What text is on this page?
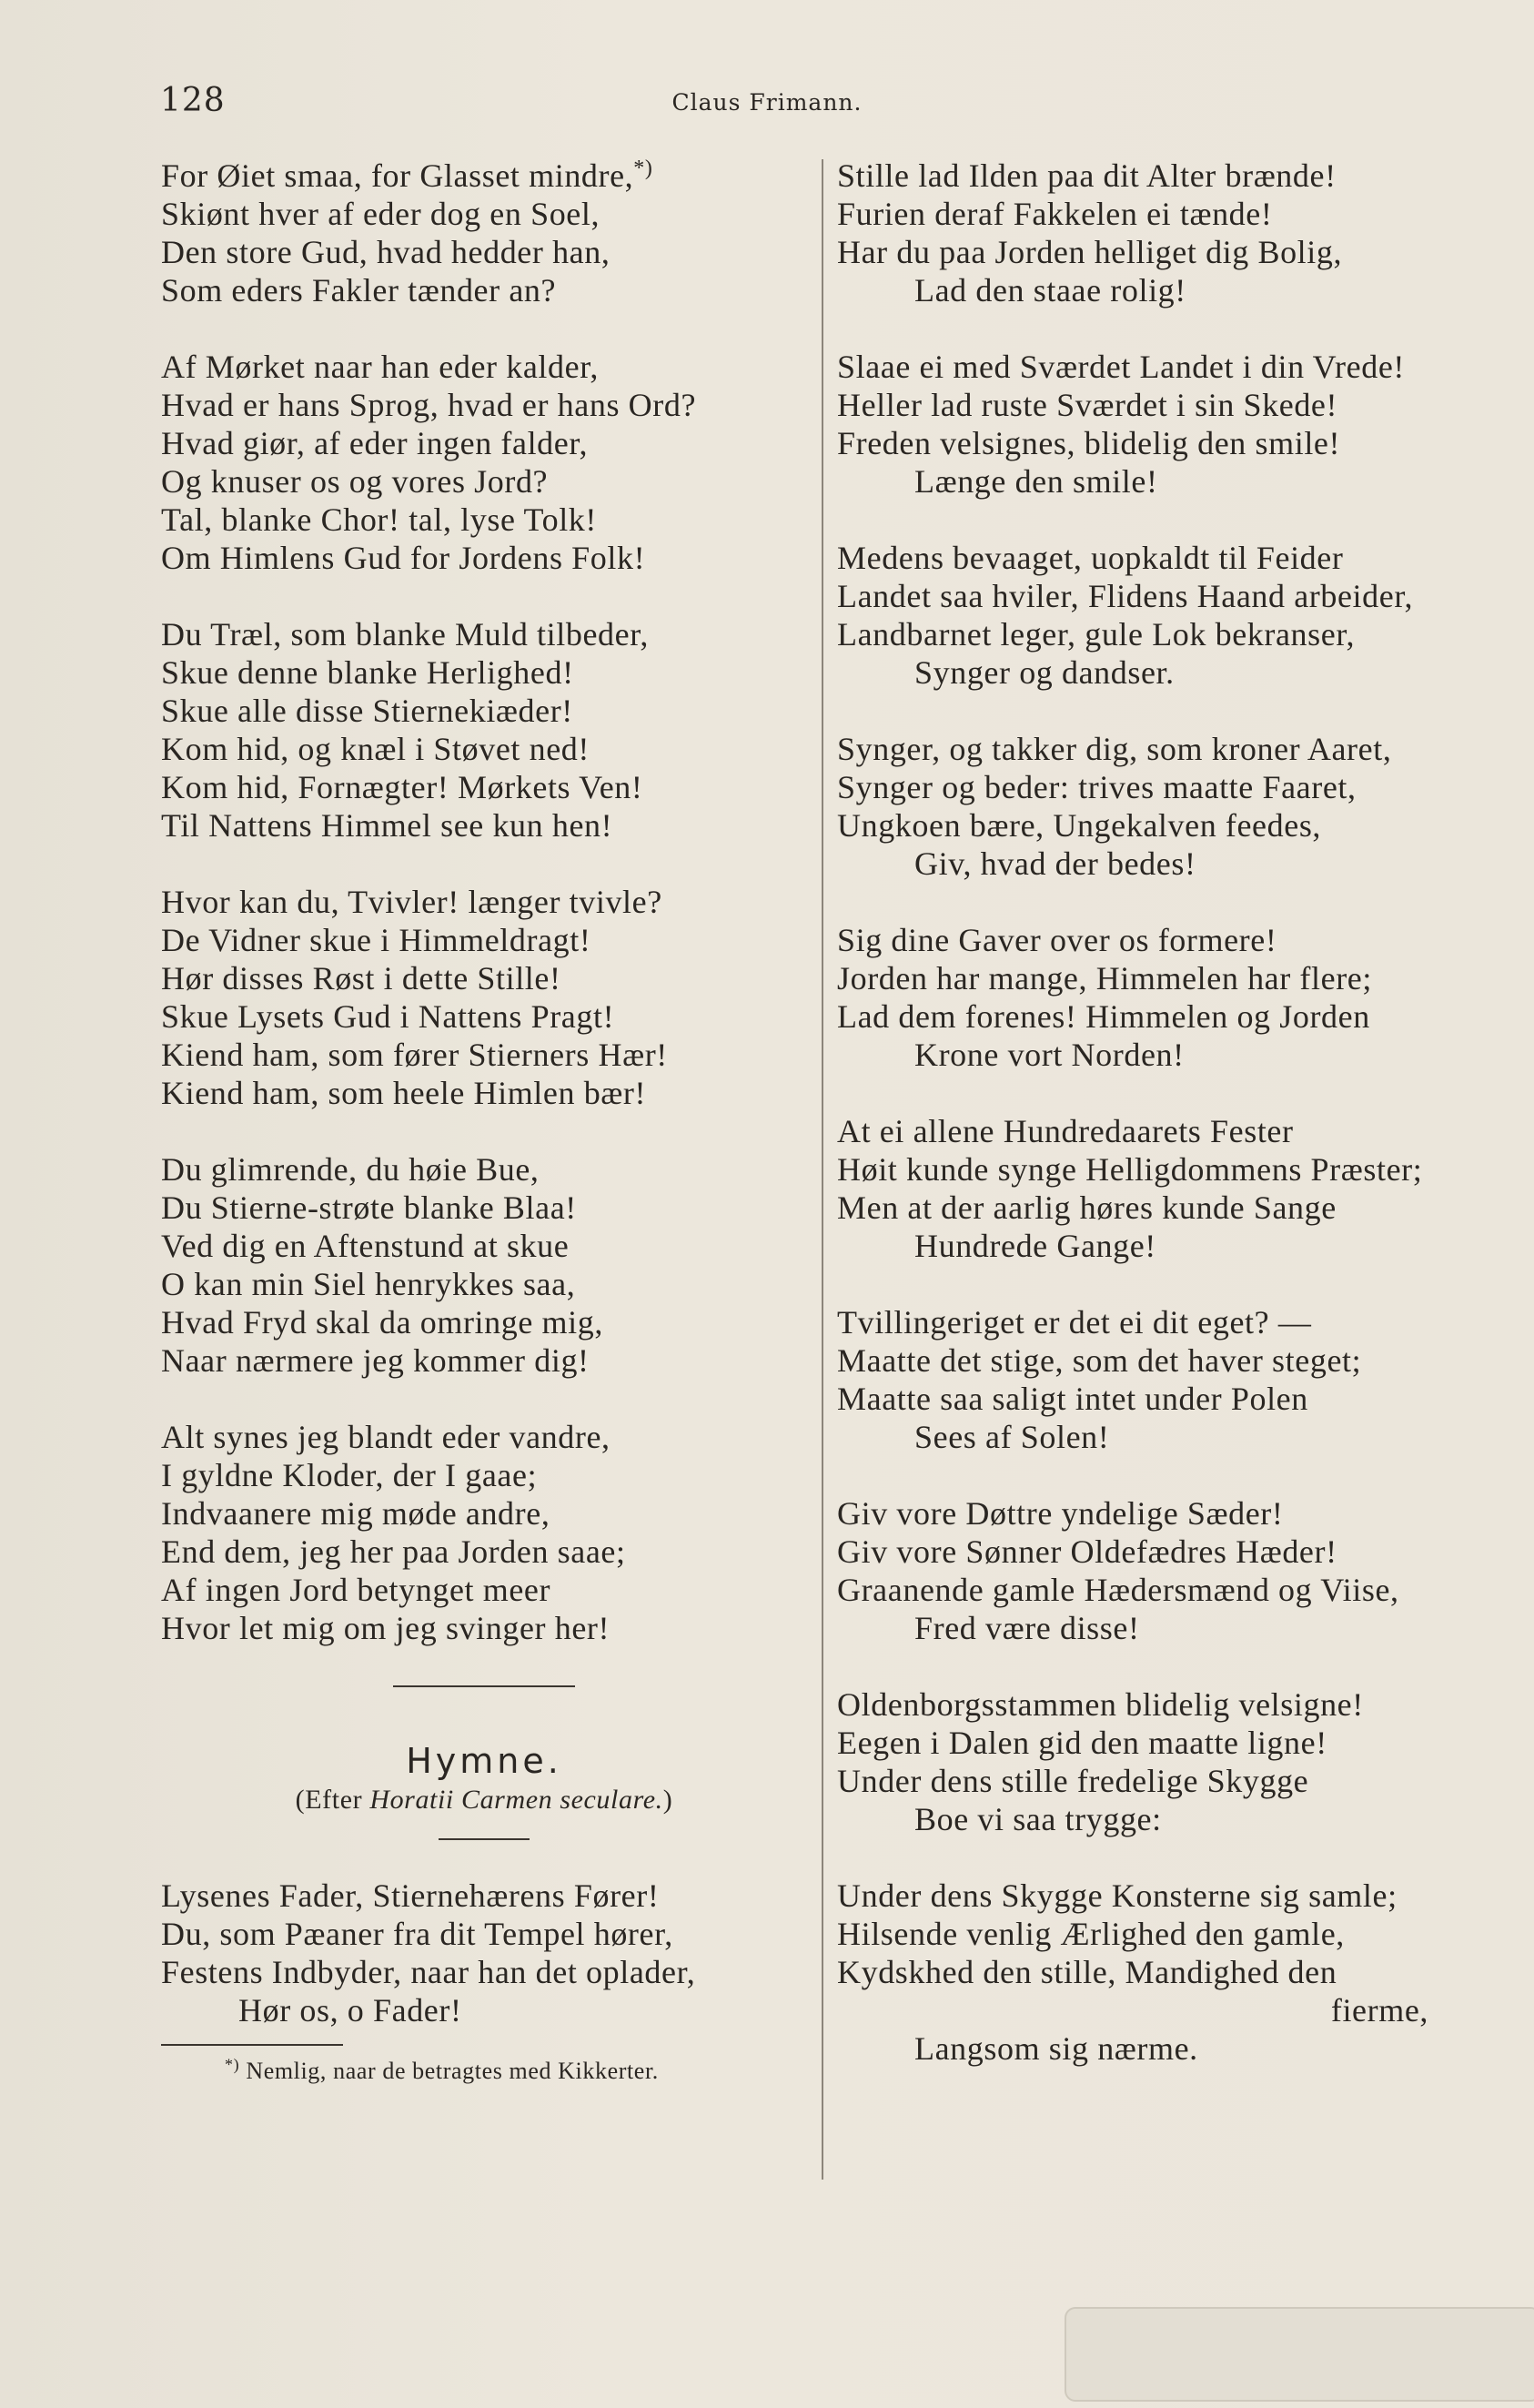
128	Claus Frimann.
For Øiet smaa, for Glasset mindre,*)
Skiønt hver af eder dog en Soel,
Den store Gud, hvad hedder han,
Som eders Fakler tænder an?
Af Mørket naar han eder kalder,
Hvad er hans Sprog, hvad er hans Ord?
Hvad giør, af eder ingen falder,
Og knuser os og vores Jord?
Tal, blanke Chor! tal, lyse Tolk!
Om Himlens Gud for Jordens Folk!
Du Træl, som blanke Muld tilbeder,
Skue denne blanke Herlighed!
Skue alle disse Stiernekiæder!
Kom hid, og knæl i Støvet ned!
Kom hid, Fornægter! Mørkets Ven!
Til Nattens Himmel see kun hen!
Hvor kan du, Tvivler! længer tvivle?
De Vidner skue i Himmeldragt!
Hør disses Røst i dette Stille!
Skue Lysets Gud i Nattens Pragt!
Kiend ham, som fører Stierners Hær!
Kiend ham, som heele Himlen bær!
Du glimrende, du høie Bue,
Du Stierne-strøte blanke Blaa!
Ved dig en Aftenstund at skue
O kan min Siel henrykkes saa,
Hvad Fryd skal da omringe mig,
Naar nærmere jeg kommer dig!
Alt synes jeg blandt eder vandre,
I gyldne Kloder, der I gaae;
Indvaanere mig møde andre,
End dem, jeg her paa Jorden saae;
Af ingen Jord betynget meer
Hvor let mig om jeg svinger her!
Hymne.
(Efter Horatii Carmen seculare.)
Lysenes Fader, Stiernehærens Fører!
Du, som Pæaner fra dit Tempel hører,
Festens Indbyder, naar han det oplader,
Hør os, o Fader!
*) Nemlig, naar de betragtes med Kikkerter.
Stille lad Ilden paa dit Alter brænde!
Furien deraf Fakkelen ei tænde!
Har du paa Jorden helliget dig Bolig,
Lad den staae rolig!
Slaae ei med Sværdet Landet i din Vrede!
Heller lad ruste Sværdet i sin Skede!
Freden velsignes, blidelig den smile!
Længe den smile!
Medens bevaaget, uopkaldt til Feider
Landet saa hviler, Flidens Haand arbeider,
Landbarnet leger, gule Lok bekranser,
Synger og dandser.
Synger, og takker dig, som kroner Aaret,
Synger og beder: trives maatte Faaret,
Ungkoen bære, Ungekalven feedes,
Giv, hvad der bedes!
Sig dine Gaver over os formere!
Jorden har mange, Himmelen har flere;
Lad dem forenes! Himmelen og Jorden
Krone vort Norden!
At ei allene Hundredaarets Fester
Høit kunde synge Helligdommens Præster;
Men at der aarlig høres kunde Sange
Hundrede Gange!
Tvillingeriget er det ei dit eget? —
Maatte det stige, som det haver steget;
Maatte saa saligt intet under Polen
Sees af Solen!
Giv vore Døttre yndelige Sæder!
Giv vore Sønner Oldefædres Hæder!
Graanende gamle Hædersmænd og Viise,
Fred være disse!
Oldenborgsstammen blidelig velsigne!
Eegen i Dalen gid den maatte ligne!
Under dens stille fredelige Skygge
Boe vi saa trygge:
Under dens Skygge Konsterne sig samle;
Hilsende venlig Ærlighed den gamle,
Kydskhed den stille, Mandighed den
fierme,
Langsom sig nærme.
